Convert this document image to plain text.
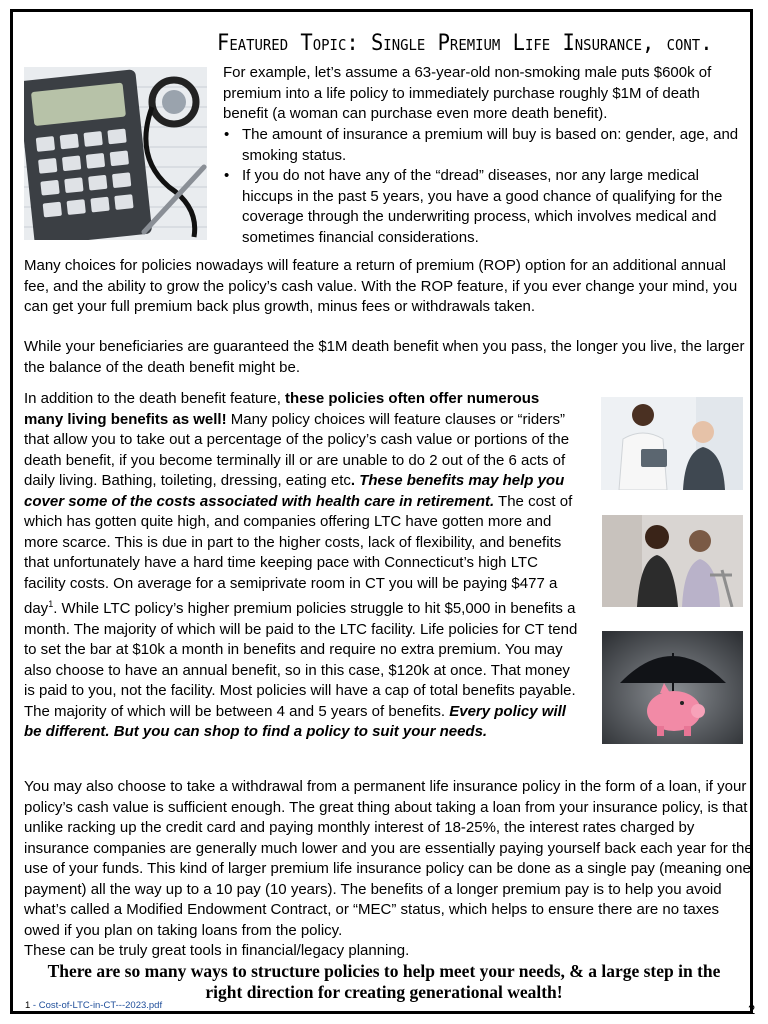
Featured Topic: Single Premium Life Insurance, cont.
For example, let’s assume a 63-year-old non-smoking male puts $600k of premium into a life policy to immediately purchase roughly $1M of death benefit (a woman can purchase even more death benefit).
• The amount of insurance a premium will buy is based on: gender, age, and smoking status.
• If you do not have any of the “dread” diseases, nor any large medical hiccups in the past 5 years, you have a good chance of qualifying for the coverage through the underwriting process, which involves medical and sometimes financial considerations.
Many choices for policies nowadays will feature a return of premium (ROP) option for an additional annual fee, and the ability to grow the policy’s cash value. With the ROP feature, if you ever change your mind, you can get your full premium back plus growth, minus fees or withdrawals taken.
While your beneficiaries are guaranteed the $1M death benefit when you pass, the longer you live, the larger the balance of the death benefit might be.
In addition to the death benefit feature, these policies often offer numerous many living benefits as well! Many policy choices will feature clauses or “riders” that allow you to take out a percentage of the policy’s cash value or portions of the death benefit, if you become terminally ill or are unable to do 2 out of the 6 acts of daily living. Bathing, toileting, dressing, eating etc. These benefits may help you cover some of the costs associated with health care in retirement. The cost of which has gotten quite high, and companies offering LTC have gotten more and more scarce. This is due in part to the higher costs, lack of flexibility, and benefits that unfortunately have a hard time keeping pace with Connecticut’s high LTC facility costs. On average for a semiprivate room in CT you will be paying $477 a day$^1$. While LTC policy’s higher premium policies struggle to hit $5,000 in benefits a month. The majority of which will be paid to the LTC facility. Life policies for CT tend to set the bar at $10k a month in benefits and require no extra premium. You may also choose to have an annual benefit, so in this case, $120k at once. That money is paid to you, not the facility. Most policies will have a cap of total benefits payable. The majority of which will be between 4 and 5 years of benefits. Every policy will be different. But you can shop to find a policy to suit your needs.
You may also choose to take a withdrawal from a permanent life insurance policy in the form of a loan, if your policy’s cash value is sufficient enough. The great thing about taking a loan from your insurance policy, is that unlike racking up the credit card and paying monthly interest of 18-25%, the interest rates charged by insurance companies are generally much lower and you are essentially paying yourself back each year for the use of your funds. This kind of larger premium life insurance policy can be done as a single pay (meaning one payment) all the way up to a 10 pay (10 years). The benefits of a longer premium pay is to help you avoid what’s called a Modified Endowment Contract, or “MEC” status, which helps to ensure there are no taxes owed if you plan on taking loans from the policy.
These can be truly great tools in financial/legacy planning.
There are so many ways to structure policies to help meet your needs, & a large step in the right direction for creating generational wealth!
1 - Cost-of-LTC-in-CT---2023.pdf	2
